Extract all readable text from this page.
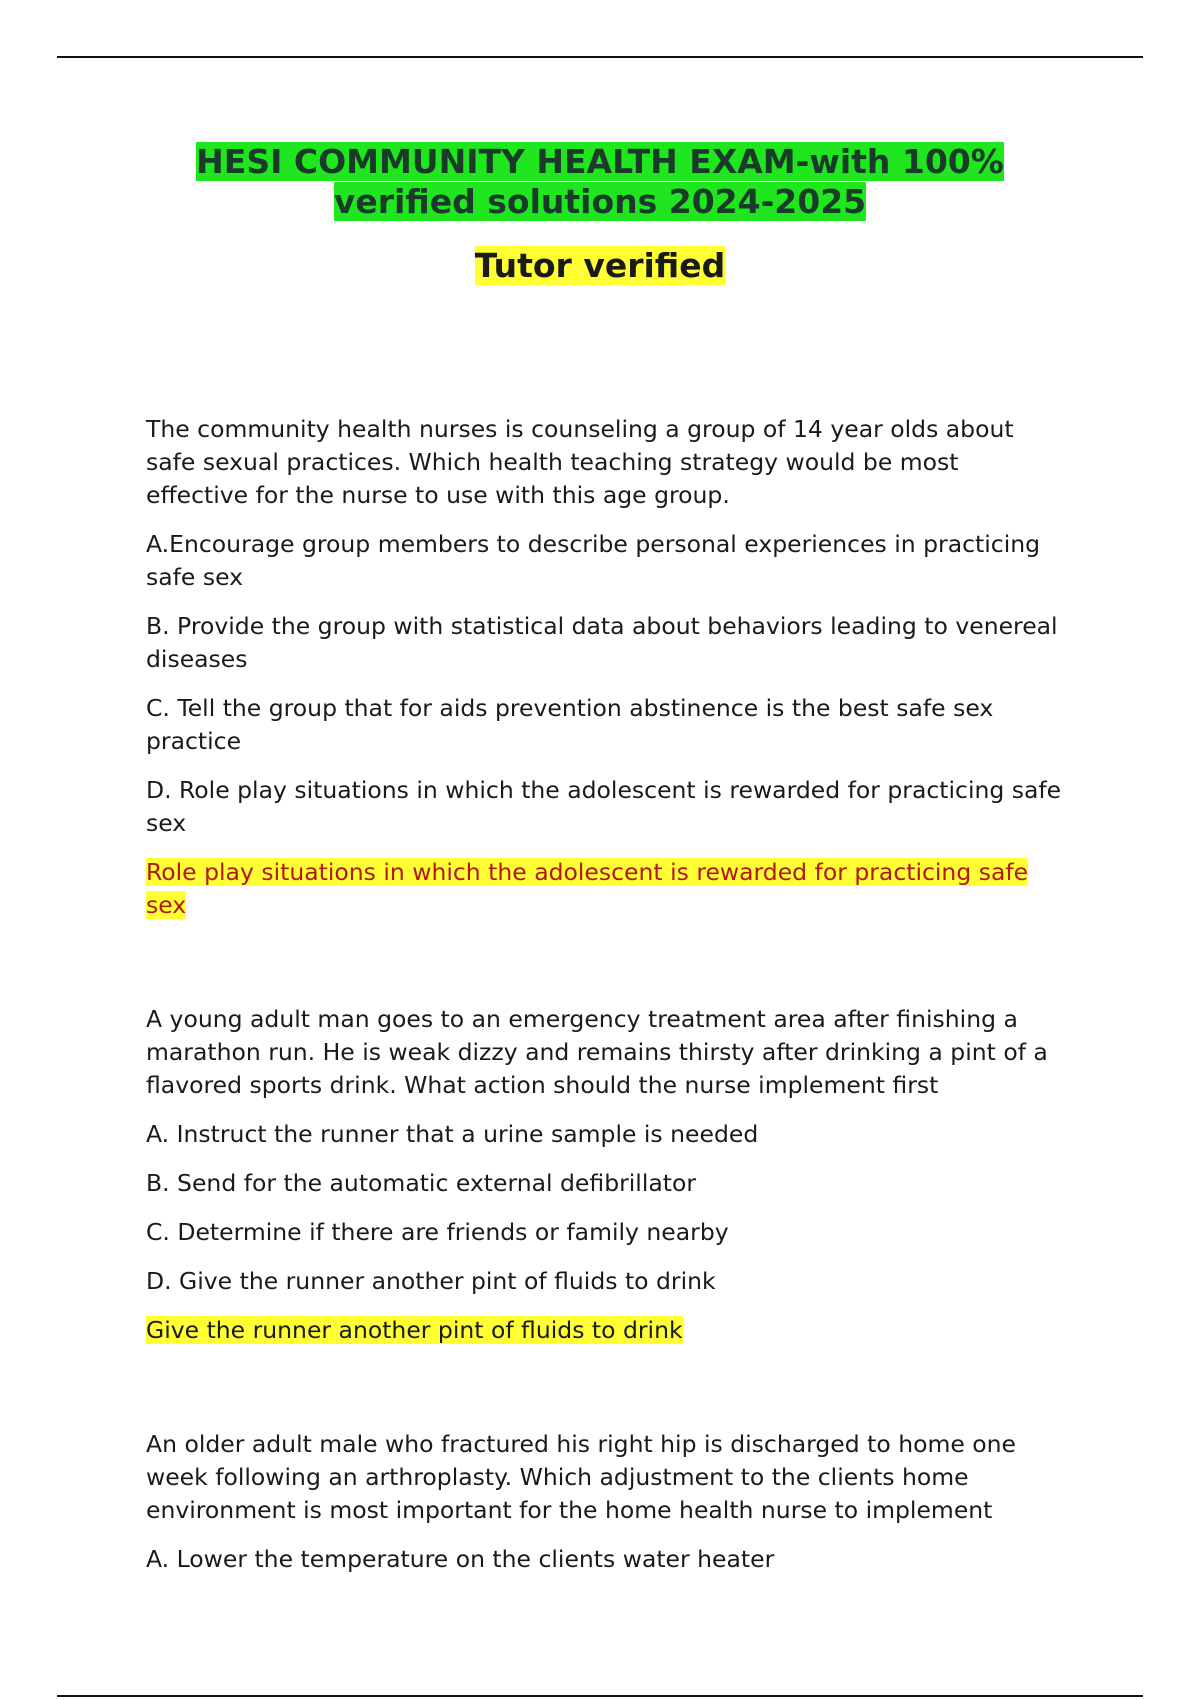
HESI COMMUNITY HEALTH EXAM-with 100%
verified solutions 2024-2025
Tutor verified

The community health nurses is counseling a group of 14 year olds about safe sexual practices. Which health teaching strategy would be most effective for the nurse to use with this age group.

A.Encourage group members to describe personal experiences in practicing safe sex

B. Provide the group with statistical data about behaviors leading to venereal diseases

C. Tell the group that for aids prevention abstinence is the best safe sex practice

D. Role play situations in which the adolescent is rewarded for practicing safe sex

Role play situations in which the adolescent is rewarded for practicing safe sex

A young adult man goes to an emergency treatment area after finishing a marathon run. He is weak dizzy and remains thirsty after drinking a pint of a flavored sports drink. What action should the nurse implement first

A. Instruct the runner that a urine sample is needed

B. Send for the automatic external defibrillator

C. Determine if there are friends or family nearby

D. Give the runner another pint of fluids to drink

Give the runner another pint of fluids to drink

An older adult male who fractured his right hip is discharged to home one week following an arthroplasty. Which adjustment to the clients home environment is most important for the home health nurse to implement

A. Lower the temperature on the clients water heater
